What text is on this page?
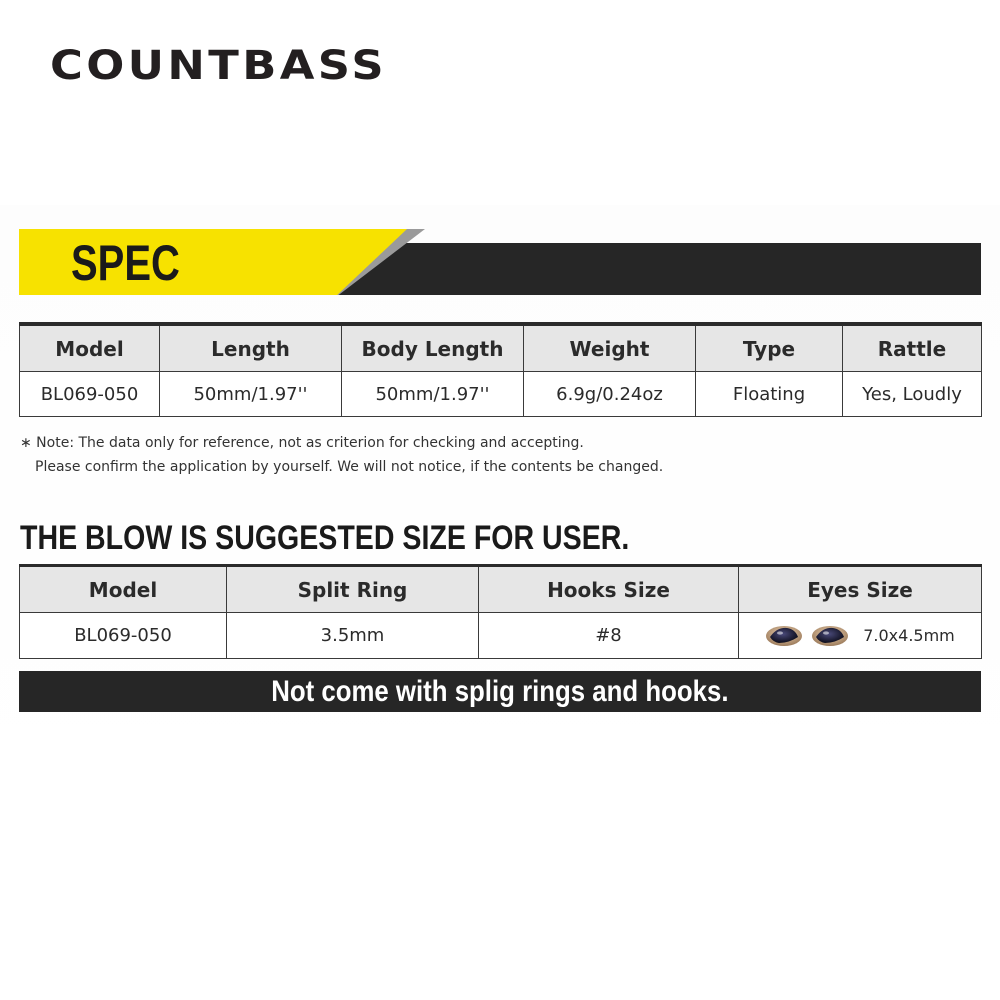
COUNTBASS
SPEC
Model	Length	Body Length	Weight	Type	Rattle
BL069-050	50mm/1.97''	50mm/1.97''	6.9g/0.24oz	Floating	Yes, Loudly
∗ Note: The data only for reference, not as criterion for checking and accepting.
Please confirm the application by yourself. We will not notice, if the contents be changed.
THE BLOW IS SUGGESTED SIZE FOR USER.
Model	Split Ring	Hooks Size	Eyes Size
BL069-050	3.5mm	#8	7.0x4.5mm
Not come with splig rings and hooks.
